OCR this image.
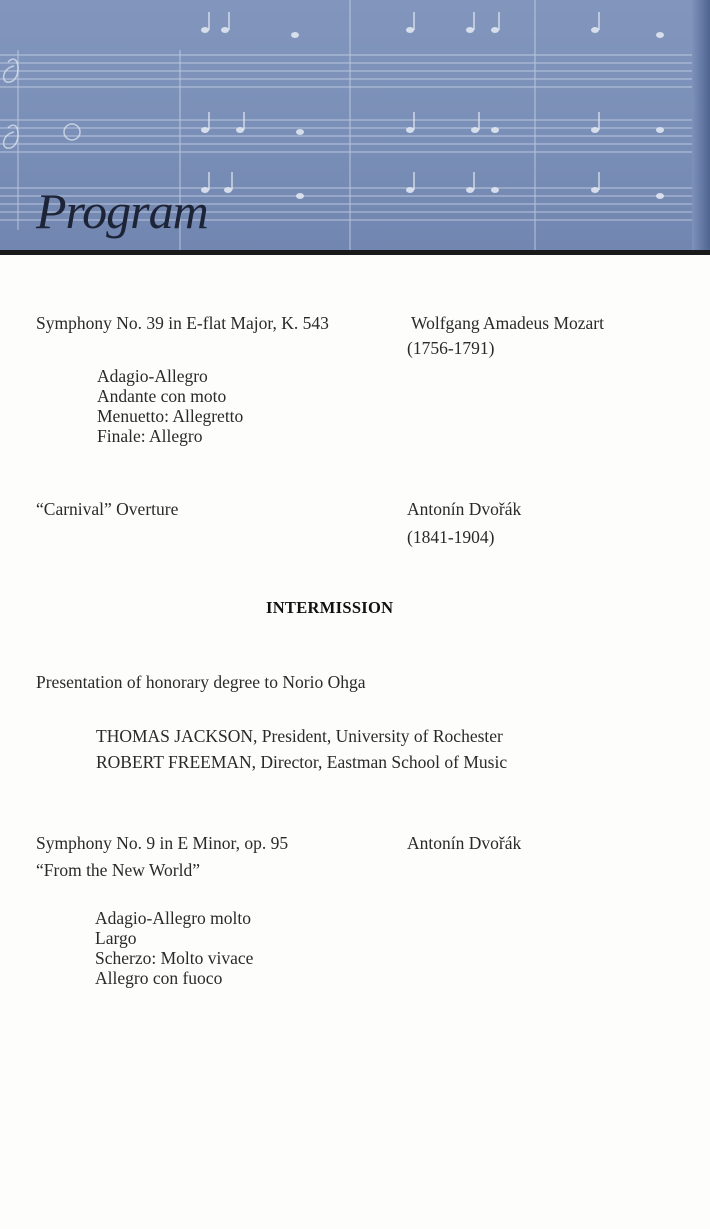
Program
Symphony No. 39 in E-flat Major, K. 543	Wolfgang Amadeus Mozart
(1756-1791)
Adagio-Allegro
Andante con moto
Menuetto: Allegretto
Finale: Allegro
“Carnival” Overture	Antonín Dvořák
(1841-1904)
INTERMISSION
Presentation of honorary degree to Norio Ohga
THOMAS JACKSON, President, University of Rochester
ROBERT FREEMAN, Director, Eastman School of Music
Symphony No. 9 in E Minor, op. 95	Antonín Dvořák
“From the New World”
Adagio-Allegro molto
Largo
Scherzo: Molto vivace
Allegro con fuoco
